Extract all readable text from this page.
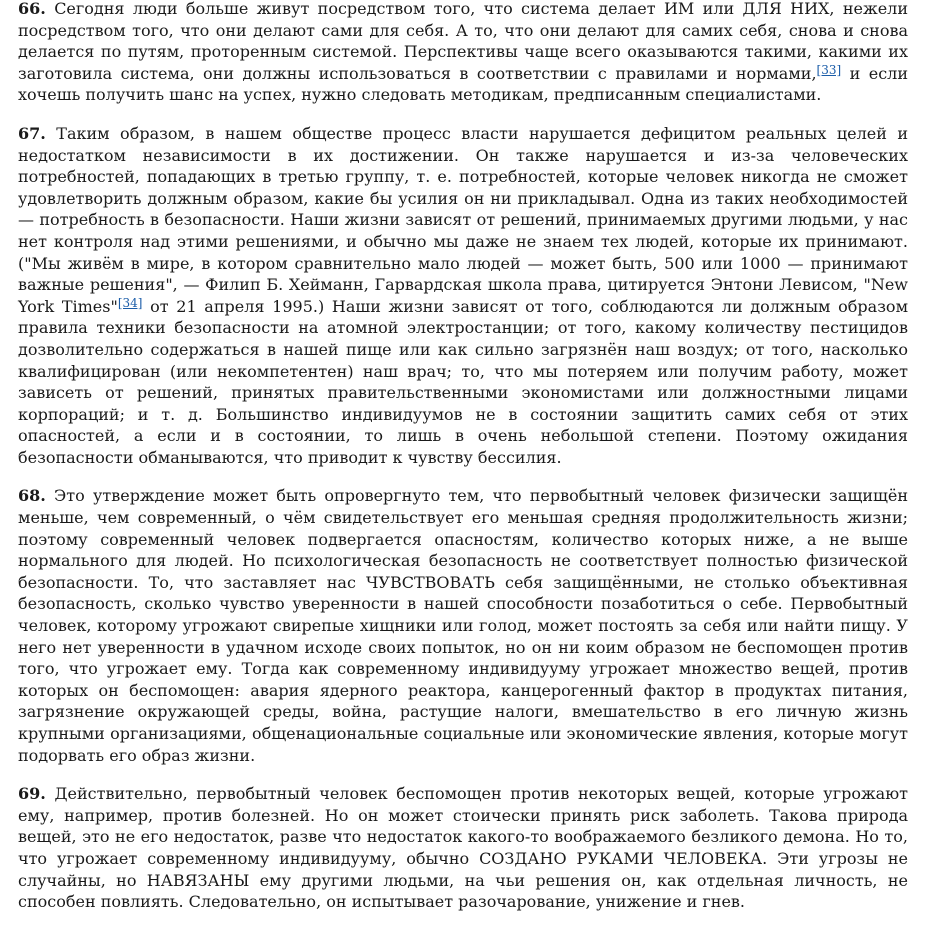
66. Сегодня люди больше живут посредством того, что система делает ИМ или ДЛЯ НИХ, нежели посредством того, что они делают сами для себя. А то, что они делают для самих себя, снова и снова делается по путям, проторенным системой. Перспективы чаще всего оказываются такими, какими их заготовила система, они должны использоваться в соответствии с правилами и нормами,[33] и если хочешь получить шанс на успех, нужно следовать методикам, предписанным специалистами.

67. Таким образом, в нашем обществе процесс власти нарушается дефицитом реальных целей и недостатком независимости в их достижении. Он также нарушается и из-за человеческих потребностей, попадающих в третью группу, т. е. потребностей, которые человек никогда не сможет удовлетворить должным образом, какие бы усилия он ни прикладывал. Одна из таких необходимостей — потребность в безопасности. Наши жизни зависят от решений, принимаемых другими людьми, у нас нет контроля над этими решениями, и обычно мы даже не знаем тех людей, которые их принимают. ("Мы живём в мире, в котором сравнительно мало людей — может быть, 500 или 1000 — принимают важные решения", — Филип Б. Хейманн, Гарвардская школа права, цитируется Энтони Левисом, "New York Times"[34] от 21 апреля 1995.) Наши жизни зависят от того, соблюдаются ли должным образом правила техники безопасности на атомной электростанции; от того, какому количеству пестицидов дозволительно содержаться в нашей пище или как сильно загрязнён наш воздух; от того, насколько квалифицирован (или некомпетентен) наш врач; то, что мы потеряем или получим работу, может зависеть от решений, принятых правительственными экономистами или должностными лицами корпораций; и т. д. Большинство индивидуумов не в состоянии защитить самих себя от этих опасностей, а если и в состоянии, то лишь в очень небольшой степени. Поэтому ожидания безопасности обманываются, что приводит к чувству бессилия.

68. Это утверждение может быть опровергнуто тем, что первобытный человек физически защищён меньше, чем современный, о чём свидетельствует его меньшая средняя продолжительность жизни; поэтому современный человек подвергается опасностям, количество которых ниже, а не выше нормального для людей. Но психологическая безопасность не соответствует полностью физической безопасности. То, что заставляет нас ЧУВСТВОВАТЬ себя защищёнными, не столько объективная безопасность, сколько чувство уверенности в нашей способности позаботиться о себе. Первобытный человек, которому угрожают свирепые хищники или голод, может постоять за себя или найти пищу. У него нет уверенности в удачном исходе своих попыток, но он ни коим образом не беспомощен против того, что угрожает ему. Тогда как современному индивидууму угрожает множество вещей, против которых он беспомощен: авария ядерного реактора, канцерогенный фактор в продуктах питания, загрязнение окружающей среды, война, растущие налоги, вмешательство в его личную жизнь крупными организациями, общенациональные социальные или экономические явления, которые могут подорвать его образ жизни.

69. Действительно, первобытный человек беспомощен против некоторых вещей, которые угрожают ему, например, против болезней. Но он может стоически принять риск заболеть. Такова природа вещей, это не его недостаток, разве что недостаток какого-то воображаемого безликого демона. Но то, что угрожает современному индивидууму, обычно СОЗДАНО РУКАМИ ЧЕЛОВЕКА. Эти угрозы не случайны, но НАВЯЗАНЫ ему другими людьми, на чьи решения он, как отдельная личность, не способен повлиять. Следовательно, он испытывает разочарование, унижение и гнев.
